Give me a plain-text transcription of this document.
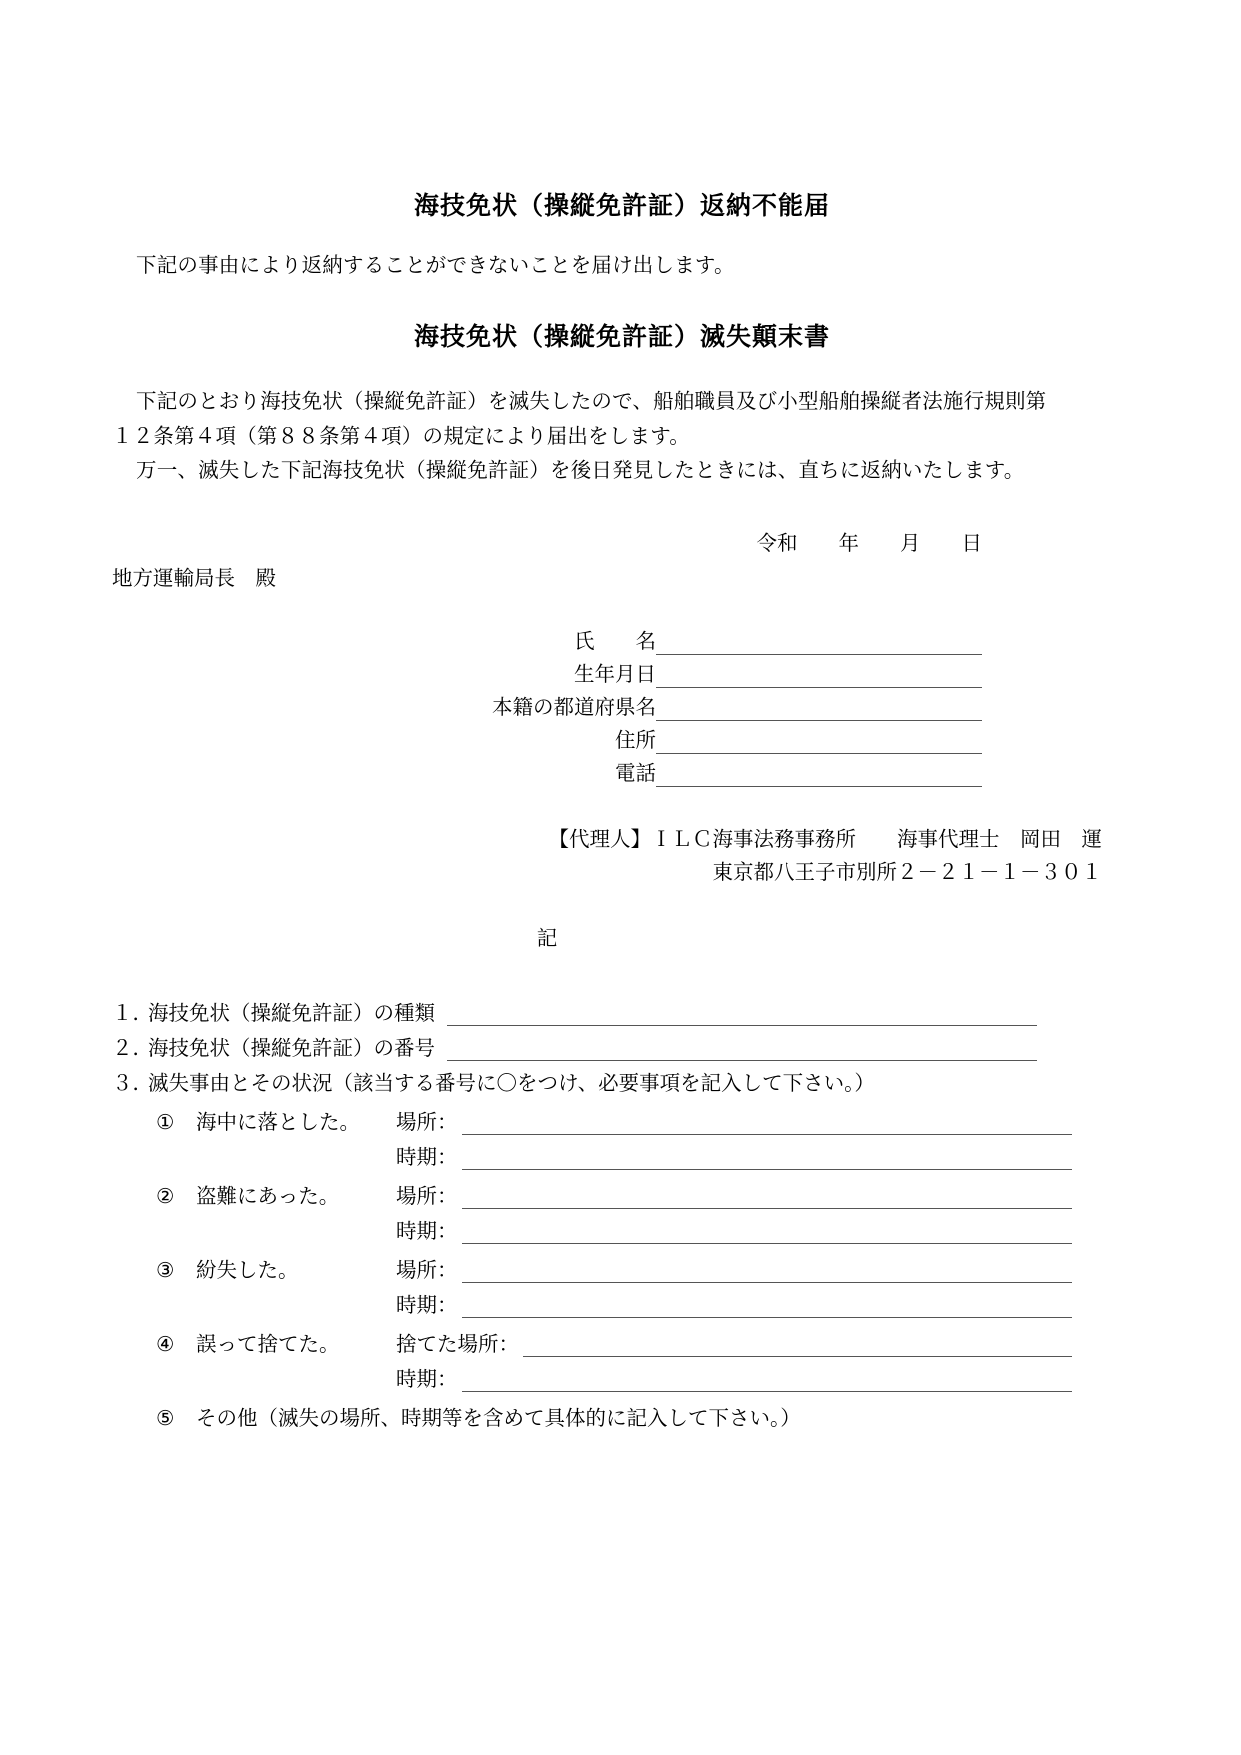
海技免状（操縦免許証）返納不能届
下記の事由により返納することができないことを届け出します。
海技免状（操縦免許証）滅失顛末書
下記のとおり海技免状（操縦免許証）を滅失したので、船舶職員及び小型船舶操縦者法施行規則第
１２条第４項（第８８条第４項）の規定により届出をします。
万一、滅失した下記海技免状（操縦免許証）を後日発見したときには、直ちに返納いたします。
令和　　年　　月　　日
地方運輸局長　殿
氏　　名
生年月日
本籍の都道府県名
住所
電話
【代理人】ＩＬＣ海事法務事務所　　海事代理士　岡田　運
東京都八王子市別所２－２１－１－３０１
記
１．
海技免状（操縦免許証）の種類
２．
海技免状（操縦免許証）の番号
３．
滅失事由とその状況（該当する番号に〇をつけ、必要事項を記入して下さい。）
①	海中に落とした。	場所：
時期：
②	盗難にあった。	場所：
時期：
③	紛失した。	場所：
時期：
④	誤って捨てた。	捨てた場所：
時期：
⑤	その他（滅失の場所、時期等を含めて具体的に記入して下さい。）
